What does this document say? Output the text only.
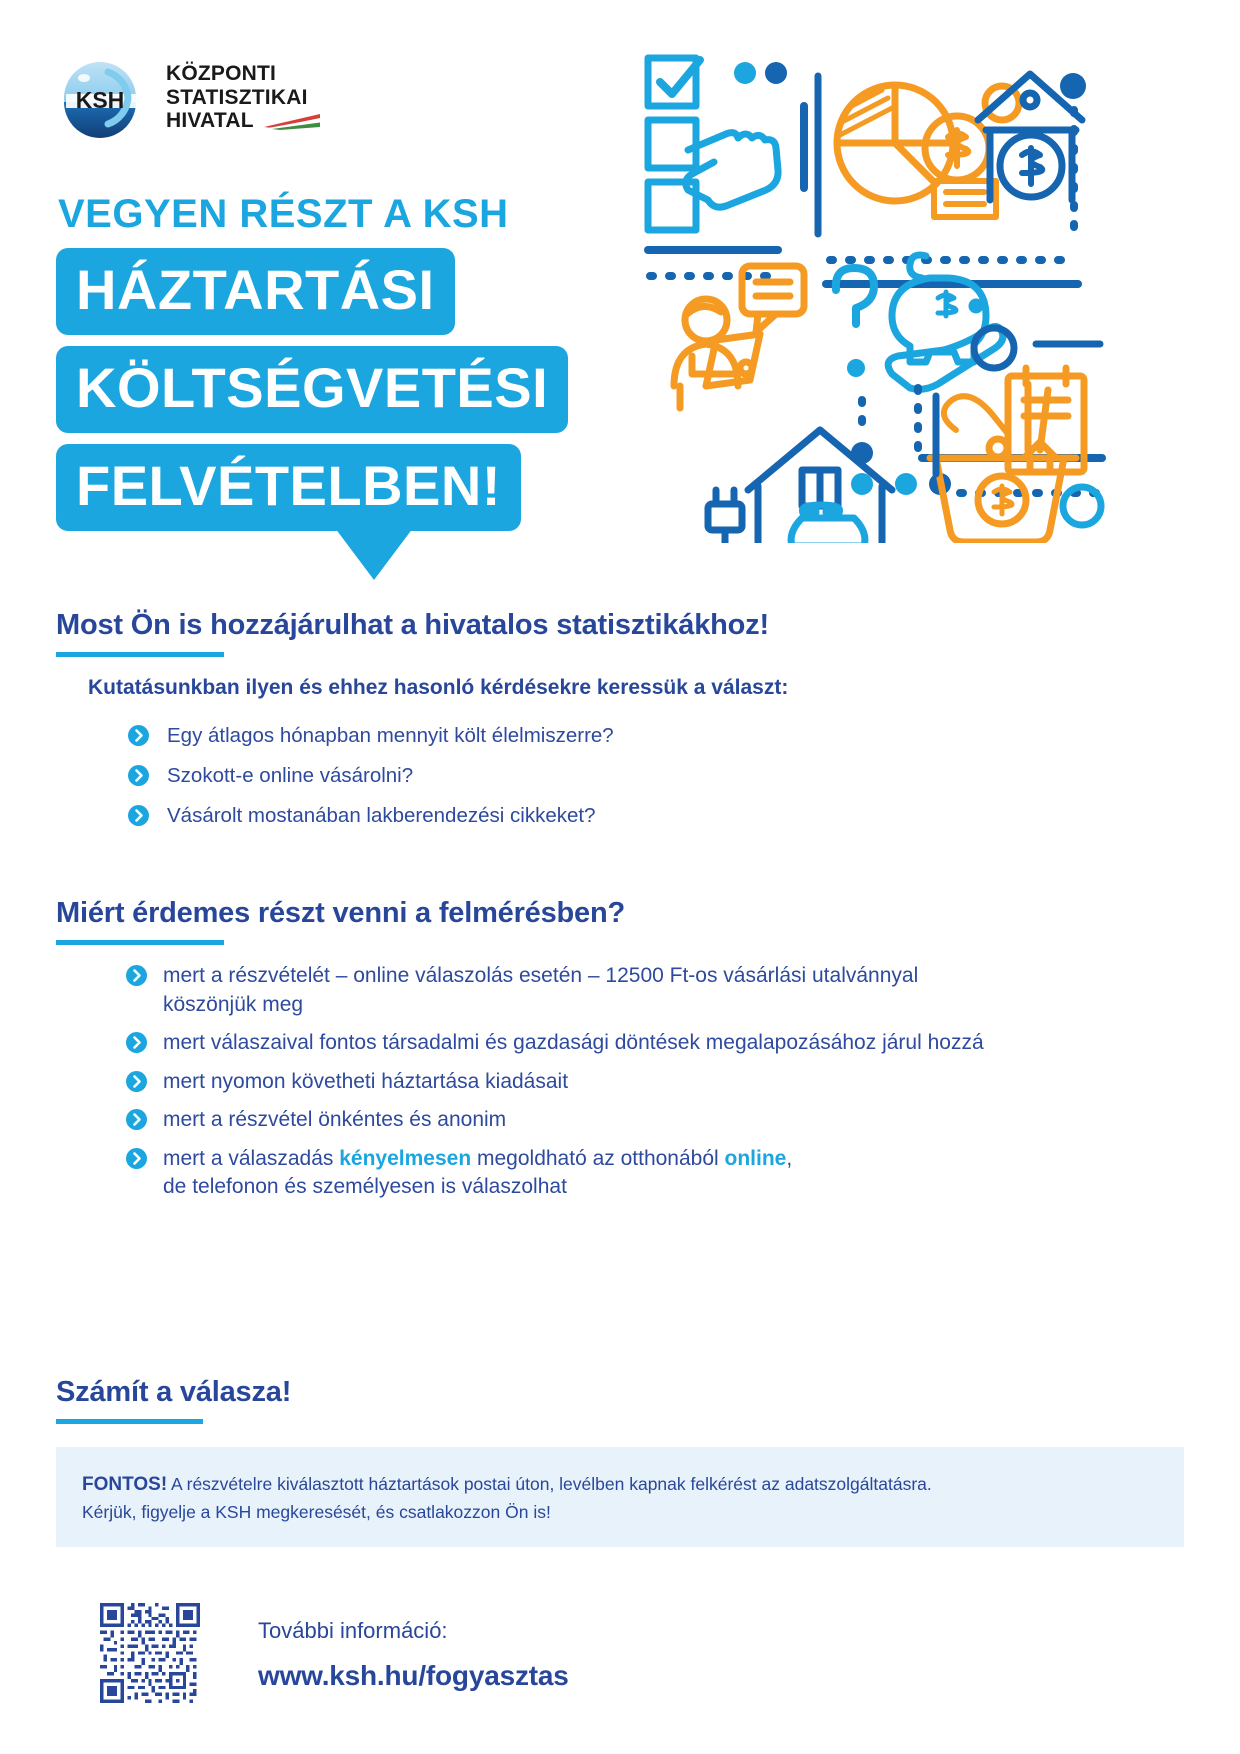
KSH
KÖZPONTI
STATISZTIKAI
HIVATAL
VEGYEN RÉSZT A KSH
HÁZTARTÁSI
KÖLTSÉGVETÉSI
FELVÉTELBEN!
Most Ön is hozzájárulhat a hivatalos statisztikákhoz!
Kutatásunkban ilyen és ehhez hasonló kérdésekre keressük a választ:
Egy átlagos hónapban mennyit költ élelmiszerre?
Szokott-e online vásárolni?
Vásárolt mostanában lakberendezési cikkeket?
Miért érdemes részt venni a felmérésben?
mert a részvételét – online válaszolás esetén – 12500 Ft-os vásárlási utalvánnyal köszönjük meg
mert válaszaival fontos társadalmi és gazdasági döntések megalapozásához járul hozzá
mert nyomon követheti háztartása kiadásait
mert a részvétel önkéntes és anonim
mert a válaszadás kényelmesen megoldható az otthonából online,
de telefonon és személyesen is válaszolhat
Számít a válasza!
FONTOS! A részvételre kiválasztott háztartások postai úton, levélben kapnak felkérést az adatszolgáltatásra.
Kérjük, figyelje a KSH megkeresését, és csatlakozzon Ön is!
További információ:
www.ksh.hu/fogyasztas
